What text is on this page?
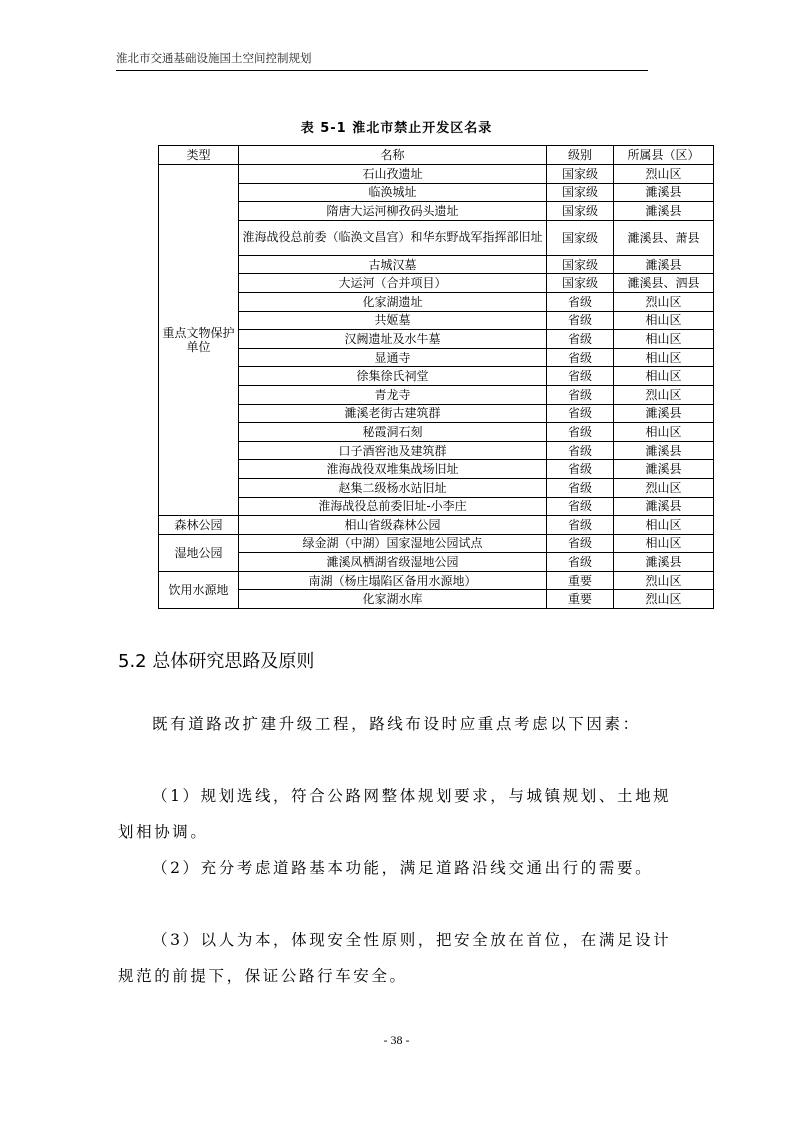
淮北市交通基础设施国土空间控制规划
表 5-1 淮北市禁止开发区名录
类型	名称	级别	所属县（区）
重点文物保护单位	石山孜遗址	国家级	烈山区
	临涣城址	国家级	濉溪县
	隋唐大运河柳孜码头遗址	国家级	濉溪县
	淮海战役总前委（临涣文昌宫）和华东野战军指挥部旧址	国家级	濉溪县、萧县
	古城汉墓	国家级	濉溪县
	大运河（合并项目）	国家级	濉溪县、泗县
	化家湖遗址	省级	烈山区
	共姬墓	省级	相山区
	汉阙遗址及水牛墓	省级	相山区
	显通寺	省级	相山区
	徐集徐氏祠堂	省级	相山区
	青龙寺	省级	烈山区
	濉溪老街古建筑群	省级	濉溪县
	秘霞洞石刻	省级	相山区
	口子酒窖池及建筑群	省级	濉溪县
	淮海战役双堆集战场旧址	省级	濉溪县
	赵集二级杨水站旧址	省级	烈山区
	淮海战役总前委旧址-小李庄	省级	濉溪县
森林公园	相山省级森林公园	省级	相山区
湿地公园	绿金湖（中湖）国家湿地公园试点	省级	相山区
	濉溪凤栖湖省级湿地公园	省级	濉溪县
饮用水源地	南湖（杨庄塌陷区备用水源地）	重要	烈山区
	化家湖水库	重要	烈山区
5.2 总体研究思路及原则
既有道路改扩建升级工程，路线布设时应重点考虑以下因素：
（1）规划选线，符合公路网整体规划要求，与城镇规划、土地规划相协调。
（2）充分考虑道路基本功能，满足道路沿线交通出行的需要。
（3）以人为本，体现安全性原则，把安全放在首位，在满足设计规范的前提下，保证公路行车安全。
- 38 -
